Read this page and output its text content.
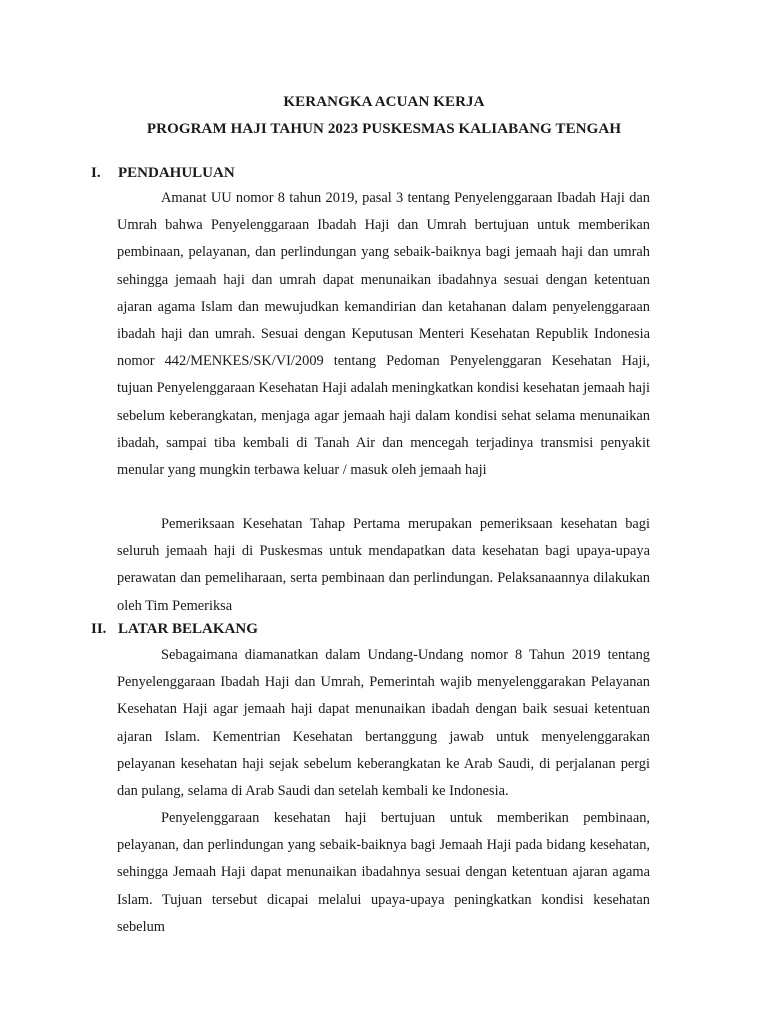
KERANGKA ACUAN KERJA
PROGRAM HAJI TAHUN 2023 PUSKESMAS KALIABANG TENGAH
I. PENDAHULUAN

Amanat UU nomor 8 tahun 2019, pasal 3 tentang Penyelenggaraan Ibadah Haji dan Umrah bahwa Penyelenggaraan Ibadah Haji dan Umrah bertujuan untuk memberikan pembinaan, pelayanan, dan perlindungan yang sebaik-baiknya bagi jemaah haji dan umrah sehingga jemaah haji dan umrah dapat menunaikan ibadahnya sesuai dengan ketentuan ajaran agama Islam dan mewujudkan kemandirian dan ketahanan dalam penyelenggaraan ibadah haji dan umrah. Sesuai dengan Keputusan Menteri Kesehatan Republik Indonesia nomor 442/MENKES/SK/VI/2009 tentang Pedoman Penyelenggaran Kesehatan Haji, tujuan Penyelenggaraan Kesehatan Haji adalah meningkatkan kondisi kesehatan jemaah haji sebelum keberangkatan, menjaga agar jemaah haji dalam kondisi sehat selama menunaikan ibadah, sampai tiba kembali di Tanah Air dan mencegah terjadinya transmisi penyakit menular yang mungkin terbawa keluar / masuk oleh jemaah haji

Pemeriksaan Kesehatan Tahap Pertama merupakan pemeriksaan kesehatan bagi seluruh jemaah haji di Puskesmas untuk mendapatkan data kesehatan bagi upaya-upaya perawatan dan pemeliharaan, serta pembinaan dan perlindungan. Pelaksanaannya dilakukan oleh Tim Pemeriksa

II. LATAR BELAKANG

Sebagaimana diamanatkan dalam Undang-Undang nomor 8 Tahun 2019 tentang Penyelenggaraan Ibadah Haji dan Umrah, Pemerintah wajib menyelenggarakan Pelayanan Kesehatan Haji agar jemaah haji dapat menunaikan ibadah dengan baik sesuai ketentuan ajaran Islam. Kementrian Kesehatan bertanggung jawab untuk menyelenggarakan pelayanan kesehatan haji sejak sebelum keberangkatan ke Arab Saudi, di perjalanan pergi dan pulang, selama di Arab Saudi dan setelah kembali ke Indonesia.

Penyelenggaraan kesehatan haji bertujuan untuk memberikan pembinaan, pelayanan, dan perlindungan yang sebaik-baiknya bagi Jemaah Haji pada bidang kesehatan, sehingga Jemaah Haji dapat menunaikan ibadahnya sesuai dengan ketentuan ajaran agama Islam. Tujuan tersebut dicapai melalui upaya-upaya peningkatkan kondisi kesehatan sebelum
